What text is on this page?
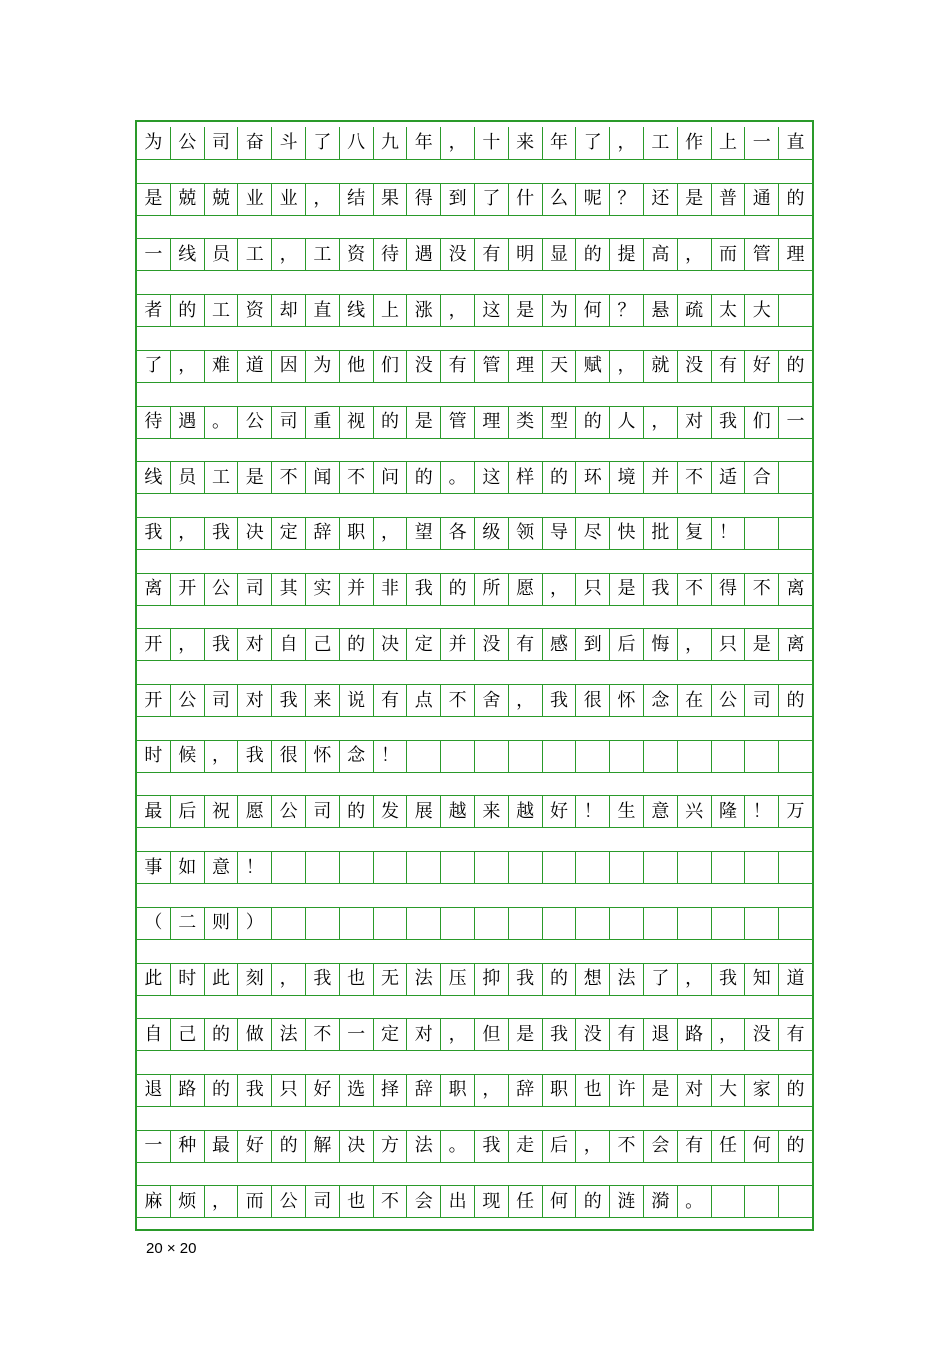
为 公 司 奋 斗 了 八 九 年 ， 十 来 年 了 ， 工 作 上 一 直
是 兢 兢 业 业 ， 结 果 得 到 了 什 么 呢 ？ 还 是 普 通 的
一 线 员 工 ， 工 资 待 遇 没 有 明 显 的 提 高 ， 而 管 理
者 的 工 资 却 直 线 上 涨 ， 这 是 为 何 ？ 悬 疏 太 大
了 ， 难 道 因 为 他 们 没 有 管 理 天 赋 ， 就 没 有 好 的
待 遇 。 公 司 重 视 的 是 管 理 类 型 的 人 ， 对 我 们 一
线 员 工 是 不 闻 不 问 的 。 这 样 的 环 境 并 不 适 合
我 ， 我 决 定 辞 职 ， 望 各 级 领 导 尽 快 批 复 ！
离 开 公 司 其 实 并 非 我 的 所 愿 ， 只 是 我 不 得 不 离
开 ， 我 对 自 己 的 决 定 并 没 有 感 到 后 悔 ， 只 是 离
开 公 司 对 我 来 说 有 点 不 舍 ， 我 很 怀 念 在 公 司 的
时 候 ， 我 很 怀 念 ！
最 后 祝 愿 公 司 的 发 展 越 来 越 好 ！ 生 意 兴 隆 ！ 万
事 如 意 ！
（ 二 则 ）
此 时 此 刻 ， 我 也 无 法 压 抑 我 的 想 法 了 ， 我 知 道
自 己 的 做 法 不 一 定 对 ， 但 是 我 没 有 退 路 ， 没 有
退 路 的 我 只 好 选 择 辞 职 ， 辞 职 也 许 是 对 大 家 的
一 种 最 好 的 解 决 方 法 。 我 走 后 ， 不 会 有 任 何 的
麻 烦 ， 而 公 司 也 不 会 出 现 任 何 的 涟 漪 。
20 × 20
